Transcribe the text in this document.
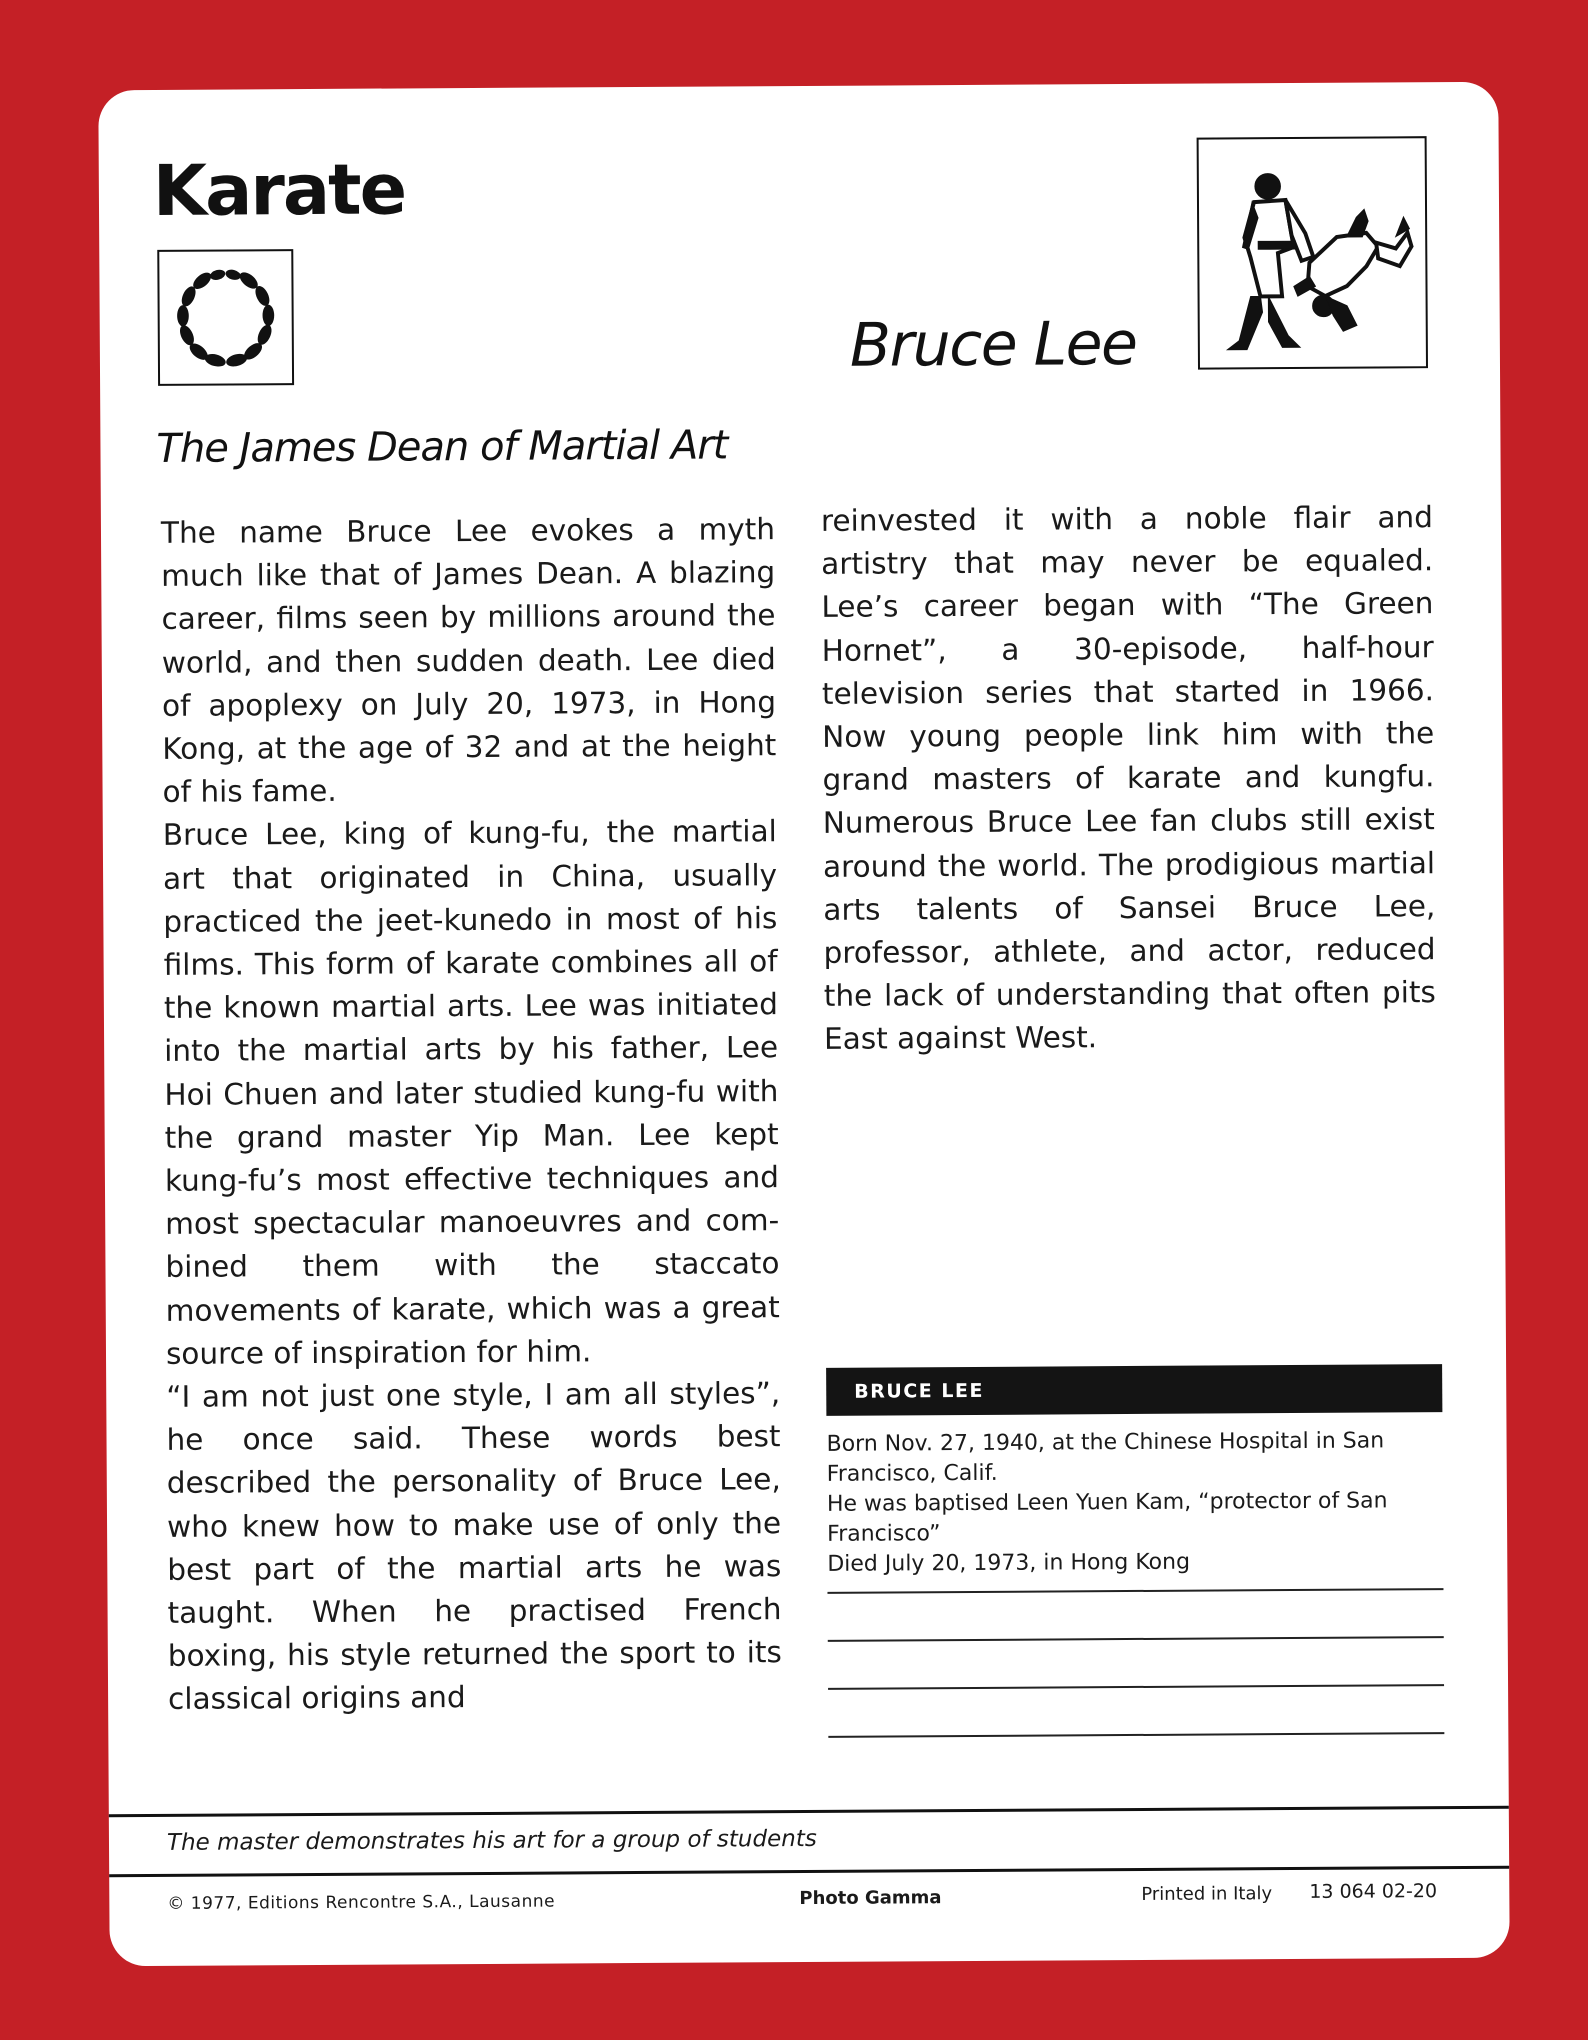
Karate
Bruce Lee
The James Dean of Martial Art

The name Bruce Lee evokes a myth much like that of James Dean. A blazing career, films seen by millions around the world, and then sudden death. Lee died of apoplexy on July 20, 1973, in Hong Kong, at the age of 32 and at the height of his fame.

Bruce Lee, king of kung-fu, the martial art that originated in China, usually practiced the jeet-kunedo in most of his films. This form of karate combines all of the known martial arts. Lee was initiated into the martial arts by his father, Lee Hoi Chuen and later studied kung-fu with the grand master Yip Man. Lee kept kung-fu’s most effective techniques and most spectacular manoeuvres and combined them with the staccato movements of karate, which was a great source of inspiration for him.

“I am not just one style, I am all styles”, he once said. These words best described the personality of Bruce Lee, who knew how to make use of only the best part of the martial arts he was taught. When he practised French boxing, his style returned the sport to its classical origins and

reinvested it with a noble flair and artistry that may never be equaled. Lee’s career began with “The Green Hornet”, a 30-episode, half-hour television series that started in 1966. Now young people link him with the grand masters of karate and kungfu. Numerous Bruce Lee fan clubs still exist around the world. The prodigious martial arts talents of Sansei Bruce Lee, professor, athlete, and actor, reduced the lack of understanding that often pits East against West.

BRUCE LEE
Born Nov. 27, 1940, at the Chinese Hospital in San Francisco, Calif.
He was baptised Leen Yuen Kam, “protector of San Francisco”
Died July 20, 1973, in Hong Kong

The master demonstrates his art for a group of students

© 1977, Editions Rencontre S.A., Lausanne	Photo Gamma	Printed in Italy 13 064 02-20
